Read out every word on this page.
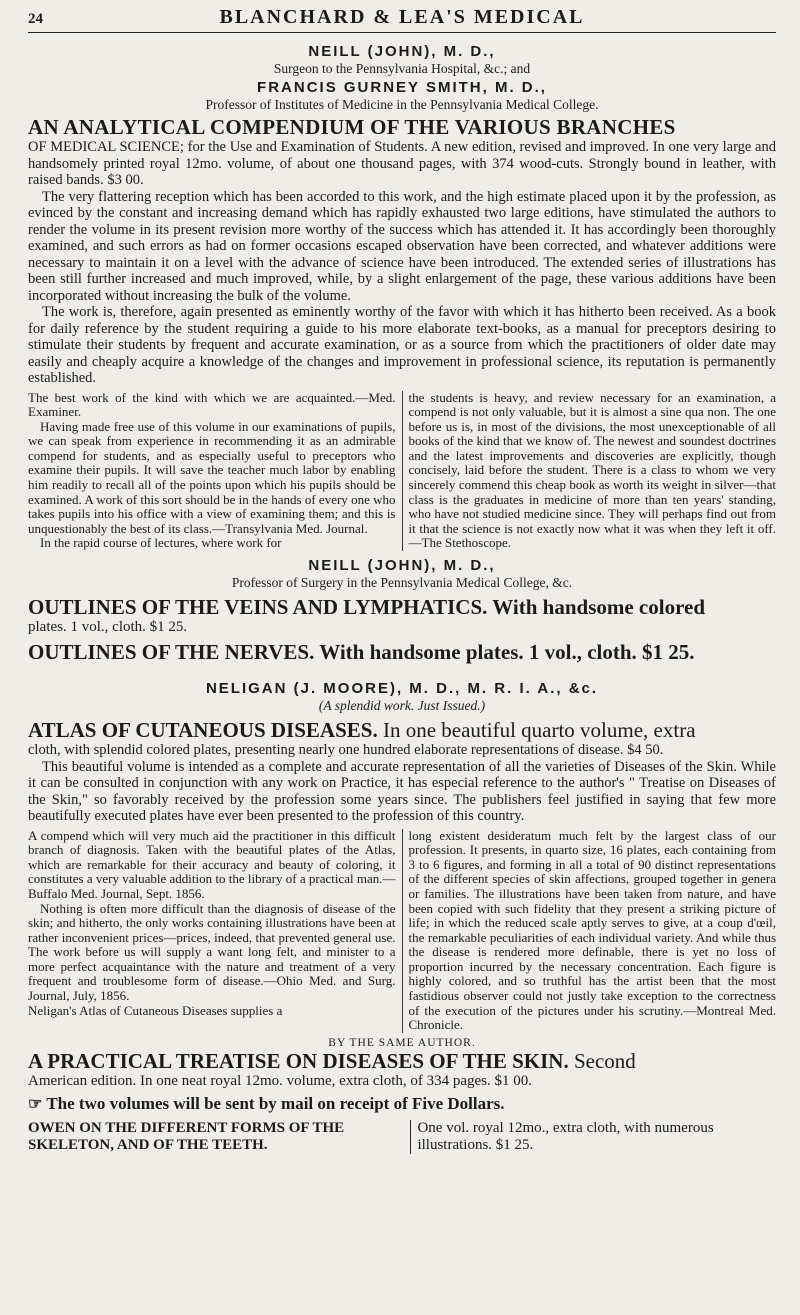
24	BLANCHARD & LEA'S MEDICAL
NEILL (JOHN), M. D.,

Surgeon to the Pennsylvania Hospital, &c.; and

FRANCIS GURNEY SMITH, M. D.,

Professor of Institutes of Medicine in the Pennsylvania Medical College.

AN ANALYTICAL COMPENDIUM OF THE VARIOUS BRANCHES

OF MEDICAL SCIENCE; for the Use and Examination of Students. A new edition, revised and improved. In one very large and handsomely printed royal 12mo. volume, of about one thousand pages, with 374 wood-cuts. Strongly bound in leather, with raised bands. $3 00.

The very flattering reception which has been accorded to this work, and the high estimate placed upon it by the profession, as evinced by the constant and increasing demand which has rapidly exhausted two large editions, have stimulated the authors to render the volume in its present revision more worthy of the success which has attended it. It has accordingly been thoroughly examined, and such errors as had on former occasions escaped observation have been corrected, and whatever additions were necessary to maintain it on a level with the advance of science have been introduced. The extended series of illustrations has been still further increased and much improved, while, by a slight enlargement of the page, these various additions have been incorporated without increasing the bulk of the volume.

The work is, therefore, again presented as eminently worthy of the favor with which it has hitherto been received. As a book for daily reference by the student requiring a guide to his more elaborate text-books, as a manual for preceptors desiring to stimulate their students by frequent and accurate examination, or as a source from which the practitioners of older date may easily and cheaply acquire a knowledge of the changes and improvement in professional science, its reputation is permanently established.

The best work of the kind with which we are acquainted.—Med. Examiner.

Having made free use of this volume in our examinations of pupils, we can speak from experience in recommending it as an admirable compend for students, and as especially useful to preceptors who examine their pupils. It will save the teacher much labor by enabling him readily to recall all of the points upon which his pupils should be examined. A work of this sort should be in the hands of every one who takes pupils into his office with a view of examining them; and this is unquestionably the best of its class.—Transylvania Med. Journal.

In the rapid course of lectures, where work for

the students is heavy, and review necessary for an examination, a compend is not only valuable, but it is almost a sine qua non. The one before us is, in most of the divisions, the most unexceptionable of all books of the kind that we know of. The newest and soundest doctrines and the latest improvements and discoveries are explicitly, though concisely, laid before the student. There is a class to whom we very sincerely commend this cheap book as worth its weight in silver—that class is the graduates in medicine of more than ten years' standing, who have not studied medicine since. They will perhaps find out from it that the science is not exactly now what it was when they left it off.—The Stethoscope.

NEILL (JOHN), M. D.,

Professor of Surgery in the Pennsylvania Medical College, &c.

OUTLINES OF THE VEINS AND LYMPHATICS. With handsome colored

plates. 1 vol., cloth. $1 25.

OUTLINES OF THE NERVES. With handsome plates. 1 vol., cloth. $1 25.
NELIGAN (J. MOORE), M. D., M. R. I. A., &c.

(A splendid work. Just Issued.)

ATLAS OF CUTANEOUS DISEASES. In one beautiful quarto volume, extra

cloth, with splendid colored plates, presenting nearly one hundred elaborate representations of disease. $4 50.

This beautiful volume is intended as a complete and accurate representation of all the varieties of Diseases of the Skin. While it can be consulted in conjunction with any work on Practice, it has especial reference to the author's " Treatise on Diseases of the Skin," so favorably received by the profession some years since. The publishers feel justified in saying that few more beautifully executed plates have ever been presented to the profession of this country.

A compend which will very much aid the practitioner in this difficult branch of diagnosis. Taken with the beautiful plates of the Atlas, which are remarkable for their accuracy and beauty of coloring, it constitutes a very valuable addition to the library of a practical man.—Buffalo Med. Journal, Sept. 1856.

Nothing is often more difficult than the diagnosis of disease of the skin; and hitherto, the only works containing illustrations have been at rather inconvenient prices—prices, indeed, that prevented general use. The work before us will supply a want long felt, and minister to a more perfect acquaintance with the nature and treatment of a very frequent and troublesome form of disease.—Ohio Med. and Surg. Journal, July, 1856.

Neligan's Atlas of Cutaneous Diseases supplies a

long existent desideratum much felt by the largest class of our profession. It presents, in quarto size, 16 plates, each containing from 3 to 6 figures, and forming in all a total of 90 distinct representations of the different species of skin affections, grouped together in genera or families. The illustrations have been taken from nature, and have been copied with such fidelity that they present a striking picture of life; in which the reduced scale aptly serves to give, at a coup d'œil, the remarkable peculiarities of each individual variety. And while thus the disease is rendered more definable, there is yet no loss of proportion incurred by the necessary concentration. Each figure is highly colored, and so truthful has the artist been that the most fastidious observer could not justly take exception to the correctness of the execution of the pictures under his scrutiny.—Montreal Med. Chronicle.

BY THE SAME AUTHOR.
A PRACTICAL TREATISE ON DISEASES OF THE SKIN. Second

American edition. In one neat royal 12mo. volume, extra cloth, of 334 pages. $1 00.

☞ The two volumes will be sent by mail on receipt of Five Dollars.
OWEN ON THE DIFFERENT FORMS OF THE SKELETON, AND OF THE TEETH.
One vol. royal 12mo., extra cloth, with numerous illustrations. $1 25.
